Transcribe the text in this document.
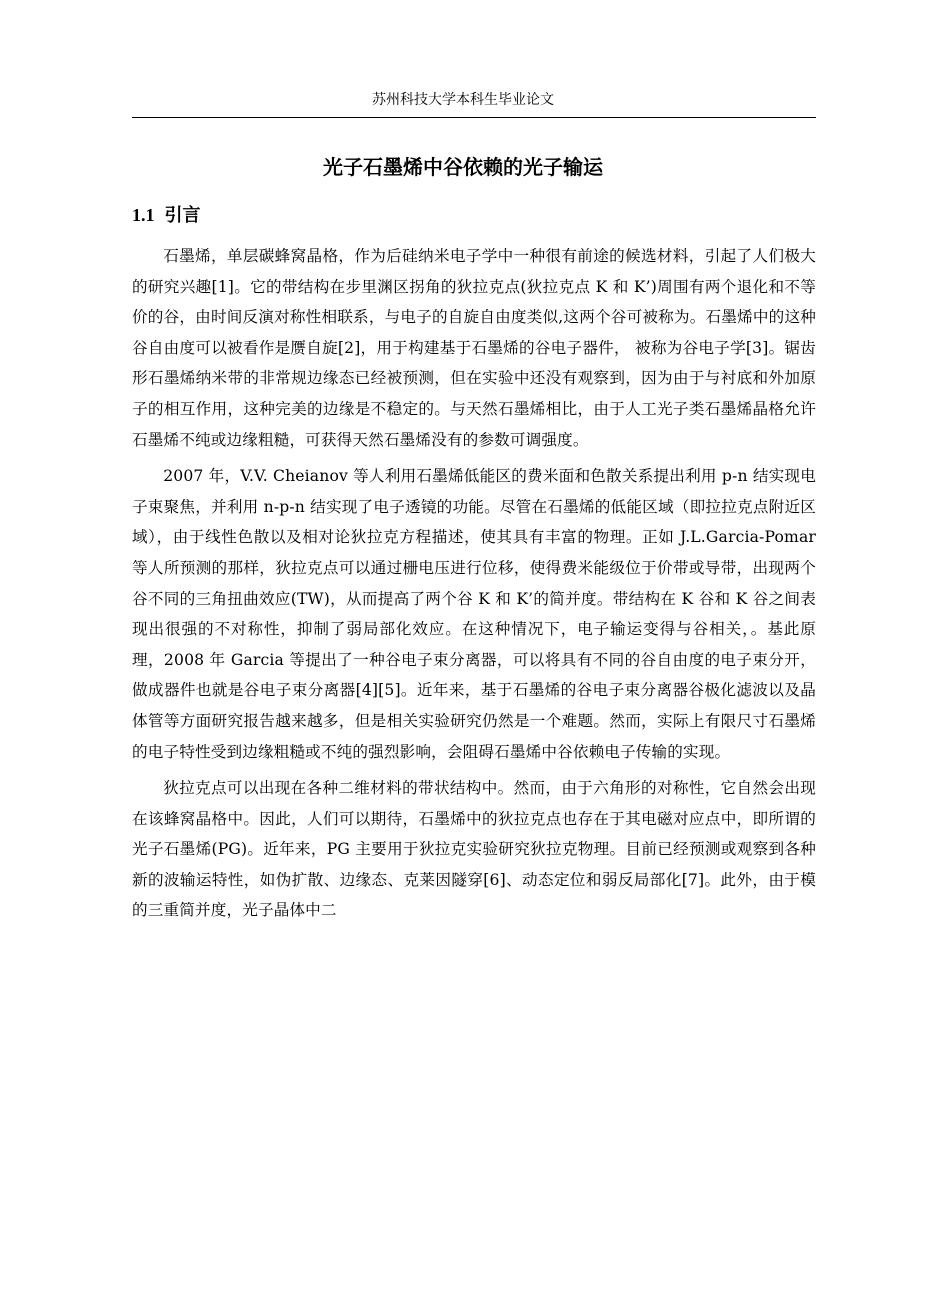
苏州科技大学本科生毕业论文
光子石墨烯中谷依赖的光子输运
1.1 引言

石墨烯，单层碳蜂窝晶格，作为后硅纳米电子学中一种很有前途的候选材料，引起了人们极大的研究兴趣[1]。它的带结构在步里渊区拐角的狄拉克点(狄拉克点 K 和 K’)周围有两个退化和不等价的谷，由时间反演对称性相联系，与电子的自旋自由度类似,这两个谷可被称为。石墨烯中的这种谷自由度可以被看作是赝自旋[2]，用于构建基于石墨烯的谷电子器件， 被称为谷电子学[3]。锯齿形石墨烯纳米带的非常规边缘态已经被预测，但在实验中还没有观察到，因为由于与衬底和外加原子的相互作用，这种完美的边缘是不稳定的。与天然石墨烯相比，由于人工光子类石墨烯晶格允许石墨烯不纯或边缘粗糙，可获得天然石墨烯没有的参数可调强度。

2007 年，V.V. Cheianov 等人利用石墨烯低能区的费米面和色散关系提出利用 p-n 结实现电子束聚焦，并利用 n-p-n 结实现了电子透镜的功能。尽管在石墨烯的低能区域（即拉拉克点附近区域），由于线性色散以及相对论狄拉克方程描述，使其具有丰富的物理。正如 J.L.Garcia-Pomar 等人所预测的那样，狄拉克点可以通过栅电压进行位移，使得费米能级位于价带或导带，出现两个谷不同的三角扭曲效应(TW)，从而提高了两个谷 K 和 K’的简并度。带结构在 K 谷和 K 谷之间表现出很强的不对称性，抑制了弱局部化效应。在这种情况下，电子输运变得与谷相关，。基此原理，2008 年 Garcia 等提出了一种谷电子束分离器，可以将具有不同的谷自由度的电子束分开，做成器件也就是谷电子束分离器[4][5]。近年来，基于石墨烯的谷电子束分离器谷极化滤波以及晶体管等方面研究报告越来越多，但是相关实验研究仍然是一个难题。然而，实际上有限尺寸石墨烯的电子特性受到边缘粗糙或不纯的强烈影响，会阻碍石墨烯中谷依赖电子传输的实现。

狄拉克点可以出现在各种二维材料的带状结构中。然而，由于六角形的对称性，它自然会出现在该蜂窝晶格中。因此，人们可以期待，石墨烯中的狄拉克点也存在于其电磁对应点中，即所谓的光子石墨烯(PG)。近年来，PG 主要用于狄拉克实验研究狄拉克物理。目前已经预测或观察到各种新的波输运特性，如伪扩散、边缘态、克莱因隧穿[6]、动态定位和弱反局部化[7]。此外，由于模的三重简并度，光子晶体中二
